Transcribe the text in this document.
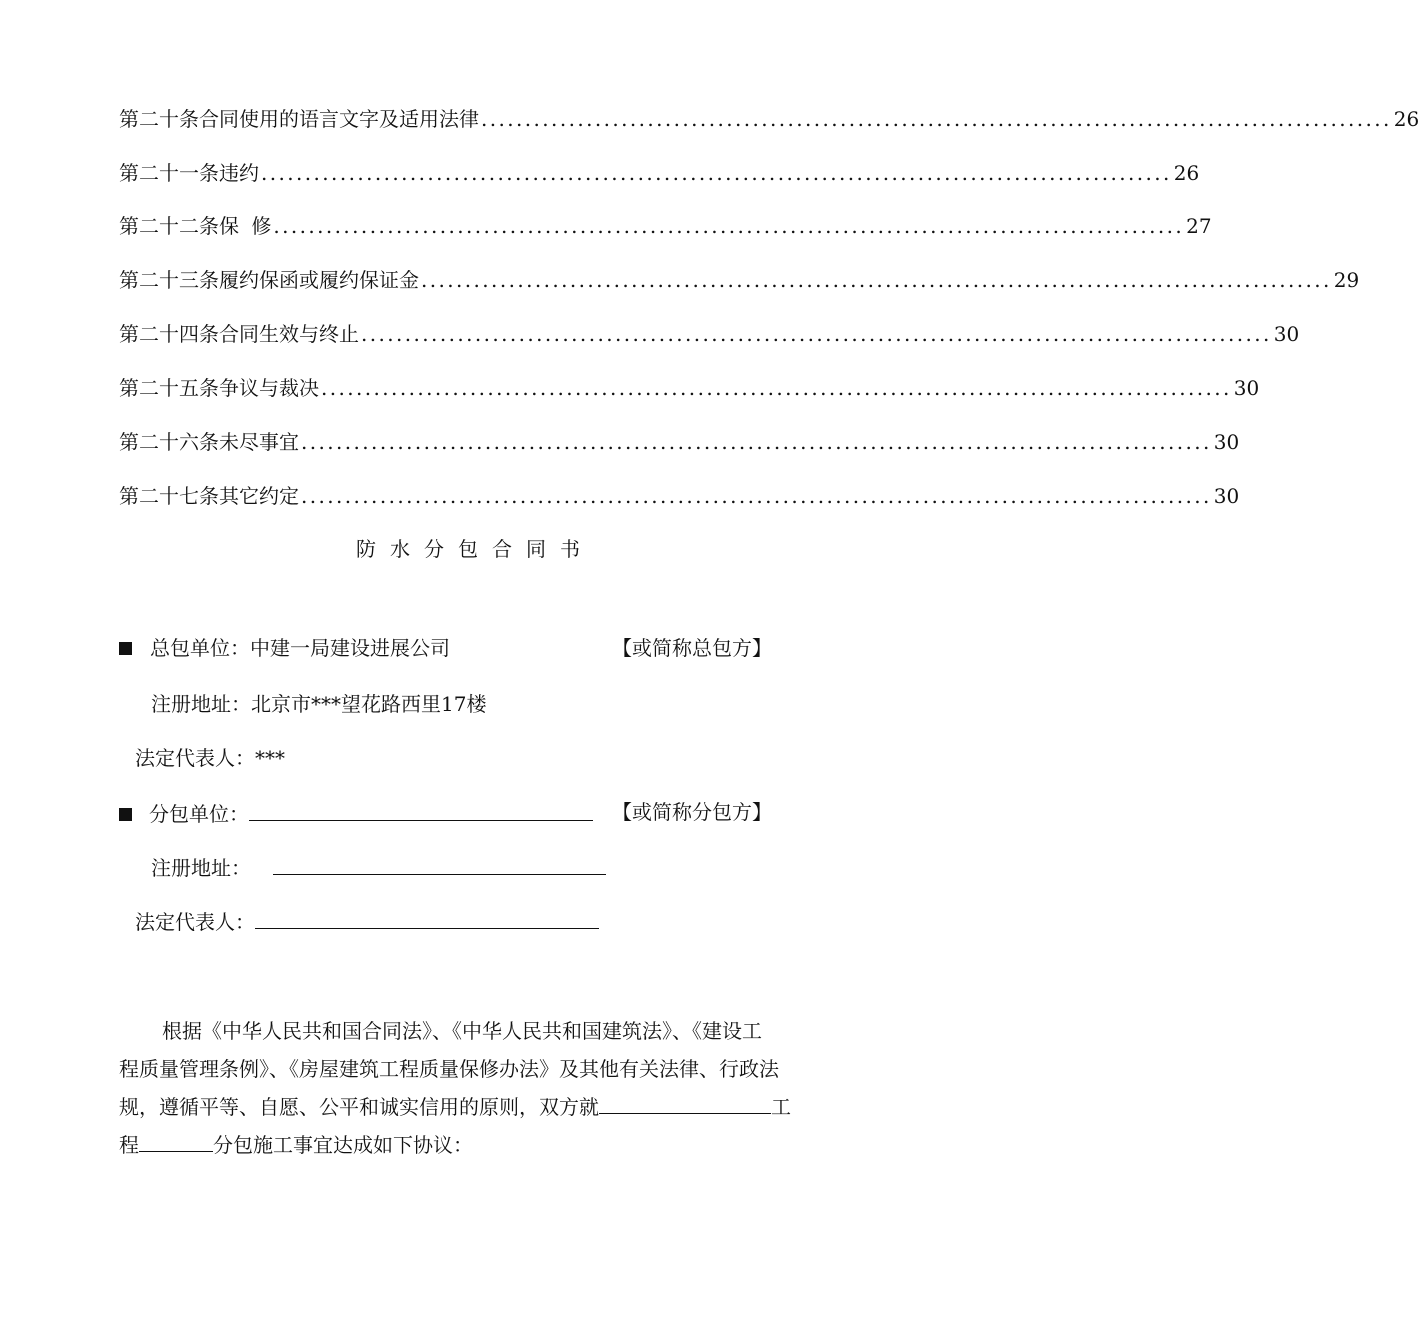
第二十条 合同使用的语言文字及适用法律 ........................................................................................................ 26
第二十一条 违约 ........................................................................................................ 26
第二十二条 保 修 ........................................................................................................ 27
第二十三条 履约保函或履约保证金 ........................................................................................................ 29
第二十四条 合同生效与终止 ........................................................................................................ 30
第二十五条 争议与裁决 ........................................................................................................ 30
第二十六条 未尽事宜 ........................................................................................................ 30
第二十七条 其它约定 ........................................................................................................ 30
防水分包合同书
总包单位： 中建一局建设进展公司	【或简称总包方】
注册地址： 北京市***望花路西里17楼
法定代表人： ***
分包单位：	【或简称分包方】
注册地址：
法定代表人：
根据《中华人民共和国合同法》、《中华人民共和国建筑法》、《建设工
程质量管理条例》、《房屋建筑工程质量保修办法》及其他有关法律、行政法
规，遵循平等、自愿、公平和诚实信用的原则，双方就	工
程	分包施工事宜达成如下协议：
